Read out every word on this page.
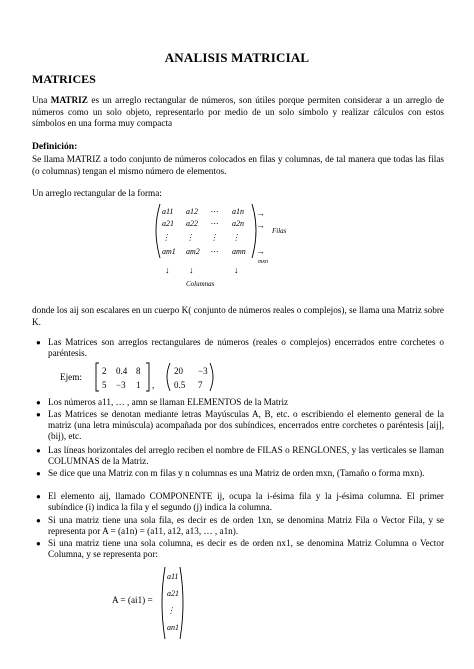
ANALISIS MATRICIAL
MATRICES
Una MATRIZ es un arreglo rectangular de números, son útiles porque permiten considerar a un arreglo de números como un solo objeto, representarlo por medio de un solo símbolo y realizar cálculos con estos símbolos en una forma muy compacta
Definición:
Se llama MATRIZ a todo conjunto de números colocados en filas y columnas, de tal manera que todas las filas (o columnas) tengan el mismo número de elementos.
Un arreglo rectangular de la forma:
a11 a12 ⋯ a1n
a21 a22 ⋯ a2n
⋮ ⋮ ⋮ ⋮
am1 am2 ⋯ amn
mxn
→
→
→
Filas
↓ ↓	↓
Columnas
donde los aij son escalares en un cuerpo K( conjunto de números reales o complejos), se llama una Matriz sobre K.
● Las Matrices son arreglos rectangulares de números (reales o complejos) encerrados entre corchetes o paréntesis.
Ejem:
2 0.4 8
5 −3 1 ,
20 −3
0.5 7
● Los números a11, … , amn se llaman ELEMENTOS de la Matriz
● Las Matrices se denotan mediante letras Mayúsculas A, B, etc. o escribiendo el elemento general de la matriz (una letra minúscula) acompañada por dos subíndices, encerrados entre corchetes o paréntesis [aij], (bij), etc.
● Las líneas horizontales del arreglo reciben el nombre de FILAS o RENGLONES, y las verticales se llaman COLUMNAS de la Matriz.
● Se dice que una Matriz con m filas y n columnas es una Matriz de orden mxn, (Tamaño o forma mxn).
● El elemento aij, llamado COMPONENTE ij, ocupa la i-ésima fila y la j-ésima columna. El primer subíndice (i) indica la fila y el segundo (j) indica la columna.
● Si una matriz tiene una sola fila, es decir es de orden 1xn, se denomina Matriz Fila o Vector Fila, y se representa por A = (a1n) = (a11, a12, a13, … , a1n).
● Si una matriz tiene una sola columna, es decir es de orden nx1, se denomina Matriz Columna o Vector Columna, y se representa por:
A = (ai1) =
a11
a21
⋮
an1
